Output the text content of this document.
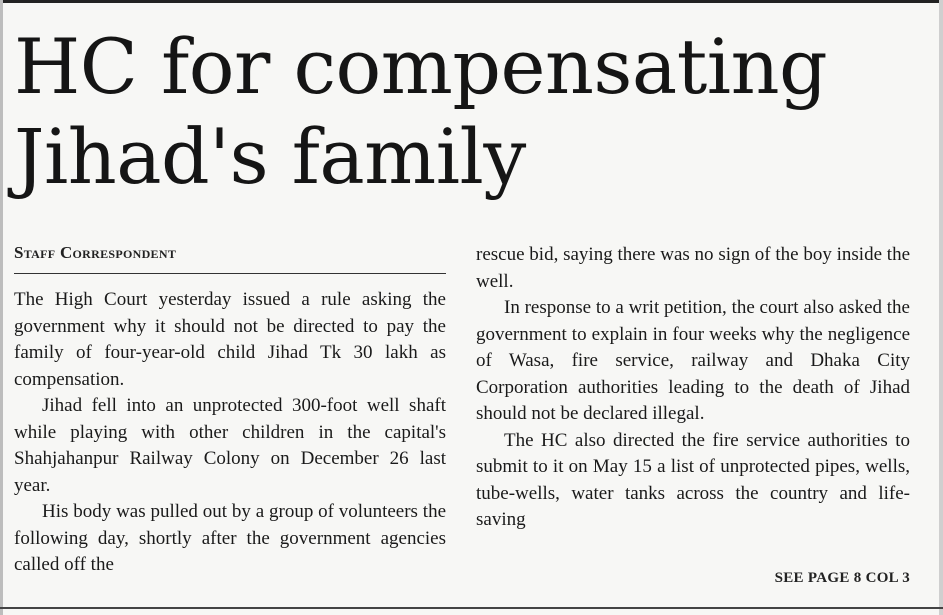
HC for compensating
Jihad's family
Staff Correspondent

The High Court yesterday issued a rule asking the government why it should not be directed to pay the family of four-year-old child Jihad Tk 30 lakh as compensation.

Jihad fell into an unprotected 300-foot well shaft while playing with other children in the capital's Shahjahanpur Railway Colony on December 26 last year.

His body was pulled out by a group of volunteers the following day, shortly after the government agencies called off the

rescue bid, saying there was no sign of the boy inside the well.

In response to a writ petition, the court also asked the government to explain in four weeks why the negligence of Wasa, fire service, railway and Dhaka City Corporation authorities leading to the death of Jihad should not be declared illegal.

The HC also directed the fire service authorities to submit to it on May 15 a list of unprotected pipes, wells, tube-wells, water tanks across the country and life-saving

SEE PAGE 8 COL 3
